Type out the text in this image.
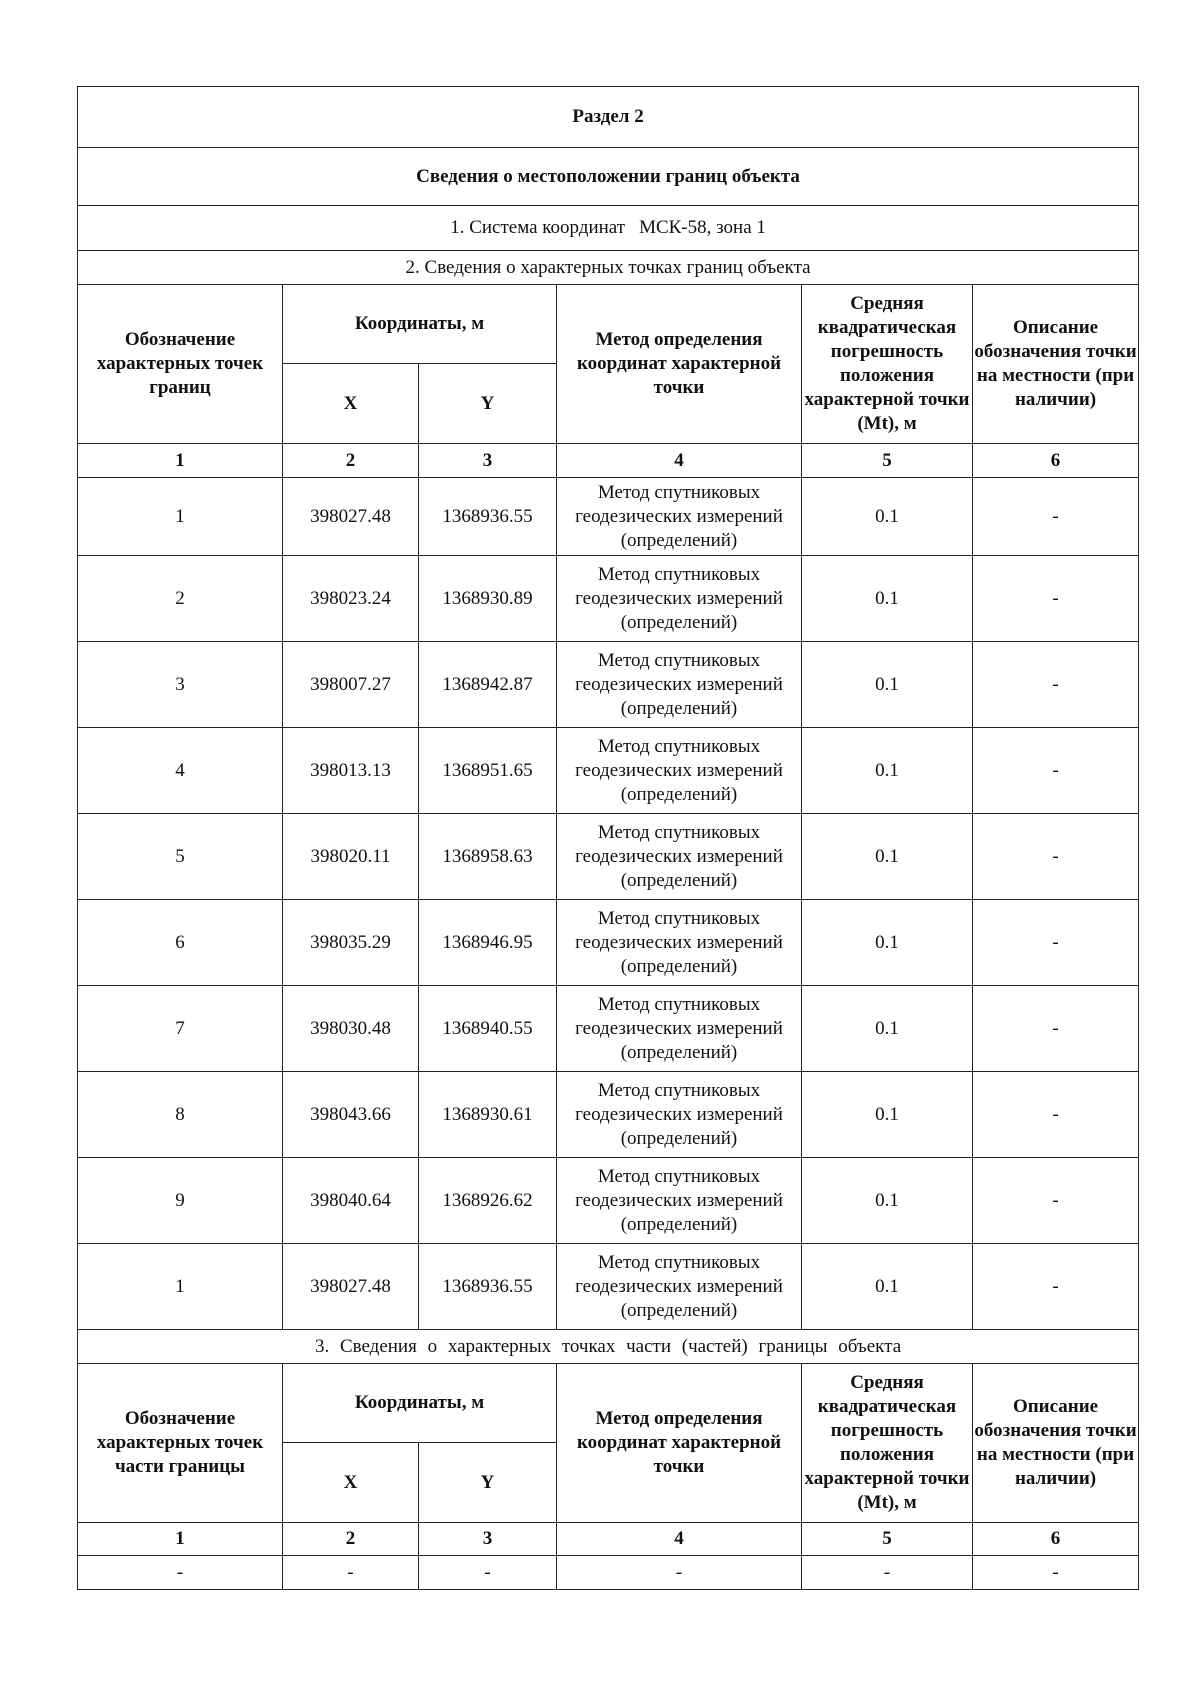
Раздел 2					
Сведения о местоположении границ объекта					
1. Система координат МСК-58, зона 1					
2. Сведения о характерных точках границ объекта					
Обозначение характерных точек границ	Координаты, м		Метод определения координат характерной точки	Средняя квадратическая погрешность положения характерной точки (Mt), м	Описание обозначения точки на местности (при наличии)
	X	Y			
1	2	3	4	5	6
1	398027.48	1368936.55	Метод спутниковых геодезических измерений (определений)	0.1	-
2	398023.24	1368930.89	Метод спутниковых геодезических измерений (определений)	0.1	-
3	398007.27	1368942.87	Метод спутниковых геодезических измерений (определений)	0.1	-
4	398013.13	1368951.65	Метод спутниковых геодезических измерений (определений)	0.1	-
5	398020.11	1368958.63	Метод спутниковых геодезических измерений (определений)	0.1	-
6	398035.29	1368946.95	Метод спутниковых геодезических измерений (определений)	0.1	-
7	398030.48	1368940.55	Метод спутниковых геодезических измерений (определений)	0.1	-
8	398043.66	1368930.61	Метод спутниковых геодезических измерений (определений)	0.1	-
9	398040.64	1368926.62	Метод спутниковых геодезических измерений (определений)	0.1	-
1	398027.48	1368936.55	Метод спутниковых геодезических измерений (определений)	0.1	-
3. Сведения о характерных точках части (частей) границы объекта					
Обозначение характерных точек части границы	Координаты, м		Метод определения координат характерной точки	Средняя квадратическая погрешность положения характерной точки (Mt), м	Описание обозначения точки на местности (при наличии)
	X	Y			
1	2	3	4	5	6
-	-	-	-	-	-
